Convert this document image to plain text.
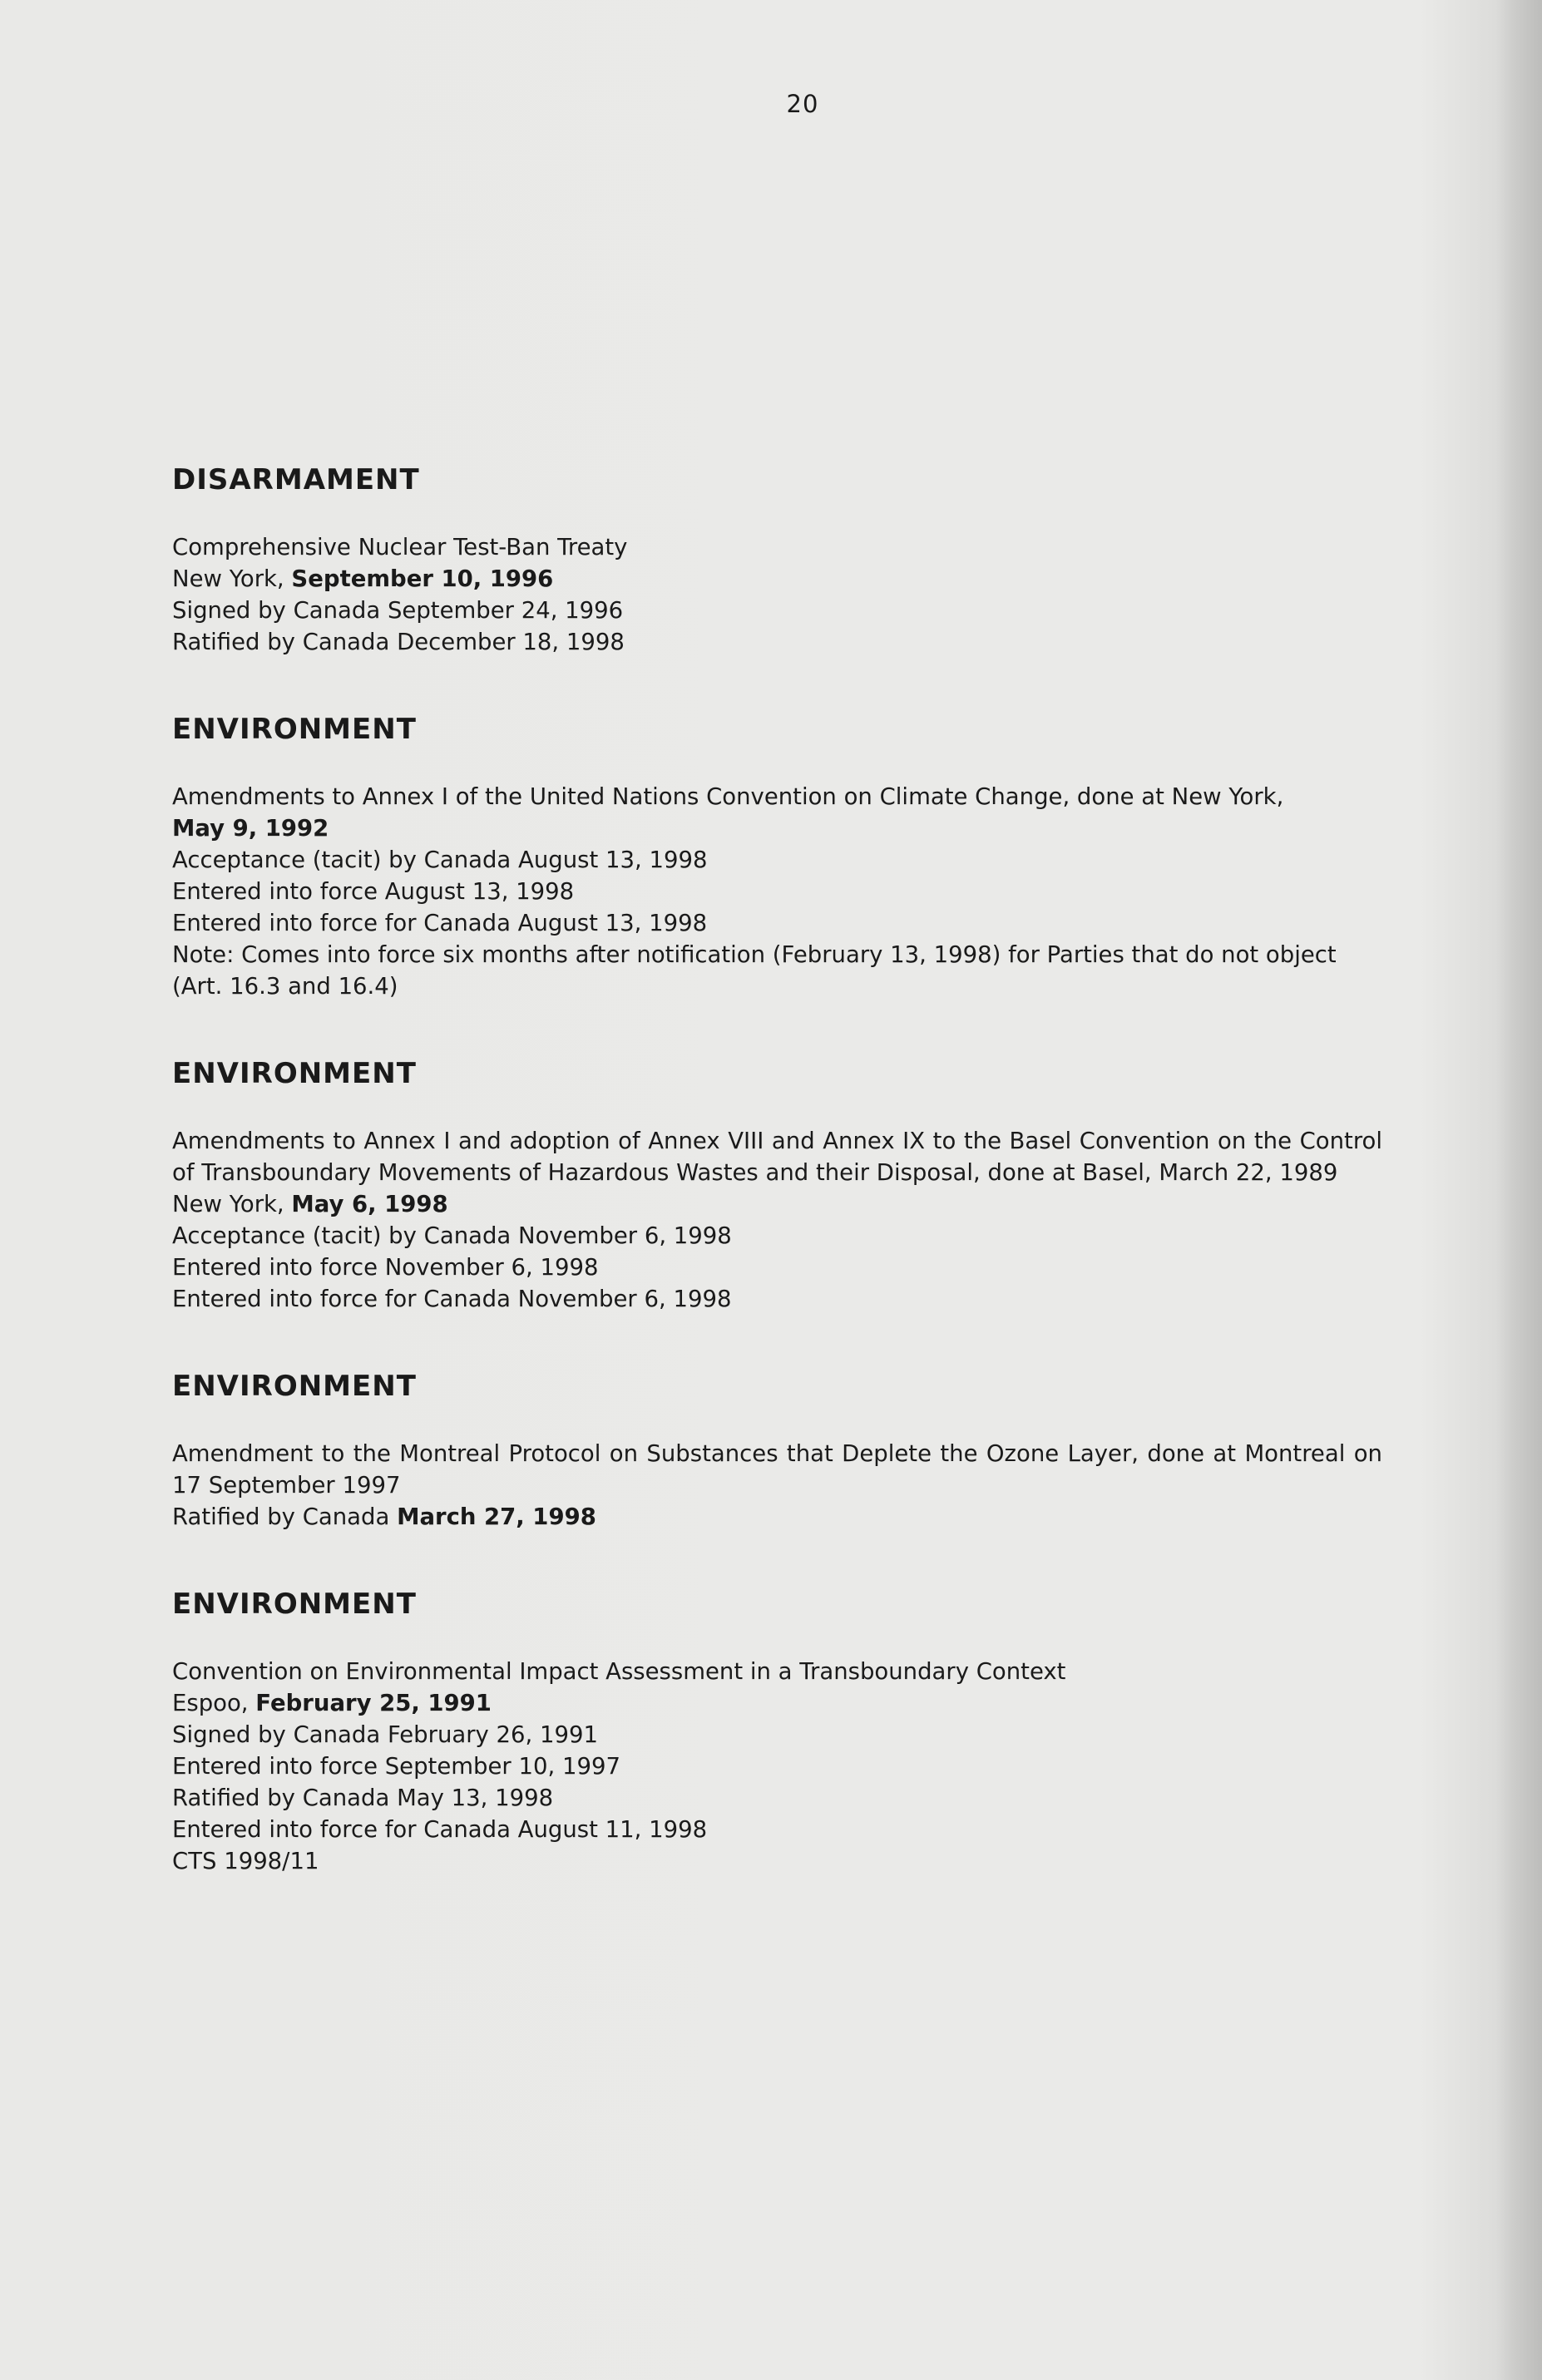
20
DISARMAMENT

Comprehensive Nuclear Test-Ban Treaty

New York, September 10, 1996

Signed by Canada September 24, 1996

Ratified by Canada December 18, 1998

ENVIRONMENT

Amendments to Annex I of the United Nations Convention on Climate Change, done at New York,

May 9, 1992

Acceptance (tacit) by Canada August 13, 1998

Entered into force August 13, 1998

Entered into force for Canada August 13, 1998

Note: Comes into force six months after notification (February 13, 1998) for Parties that do not object (Art. 16.3 and 16.4)

ENVIRONMENT

Amendments to Annex I and adoption of Annex VIII and Annex IX to the Basel Convention on the Control of Transboundary Movements of Hazardous Wastes and their Disposal, done at Basel, March 22, 1989

New York, May 6, 1998

Acceptance (tacit) by Canada November 6, 1998

Entered into force November 6, 1998

Entered into force for Canada November 6, 1998

ENVIRONMENT

Amendment to the Montreal Protocol on Substances that Deplete the Ozone Layer, done at Montreal on 17 September 1997

Ratified by Canada March 27, 1998

ENVIRONMENT

Convention on Environmental Impact Assessment in a Transboundary Context

Espoo, February 25, 1991

Signed by Canada February 26, 1991

Entered into force September 10, 1997

Ratified by Canada May 13, 1998

Entered into force for Canada August 11, 1998

CTS 1998/11
